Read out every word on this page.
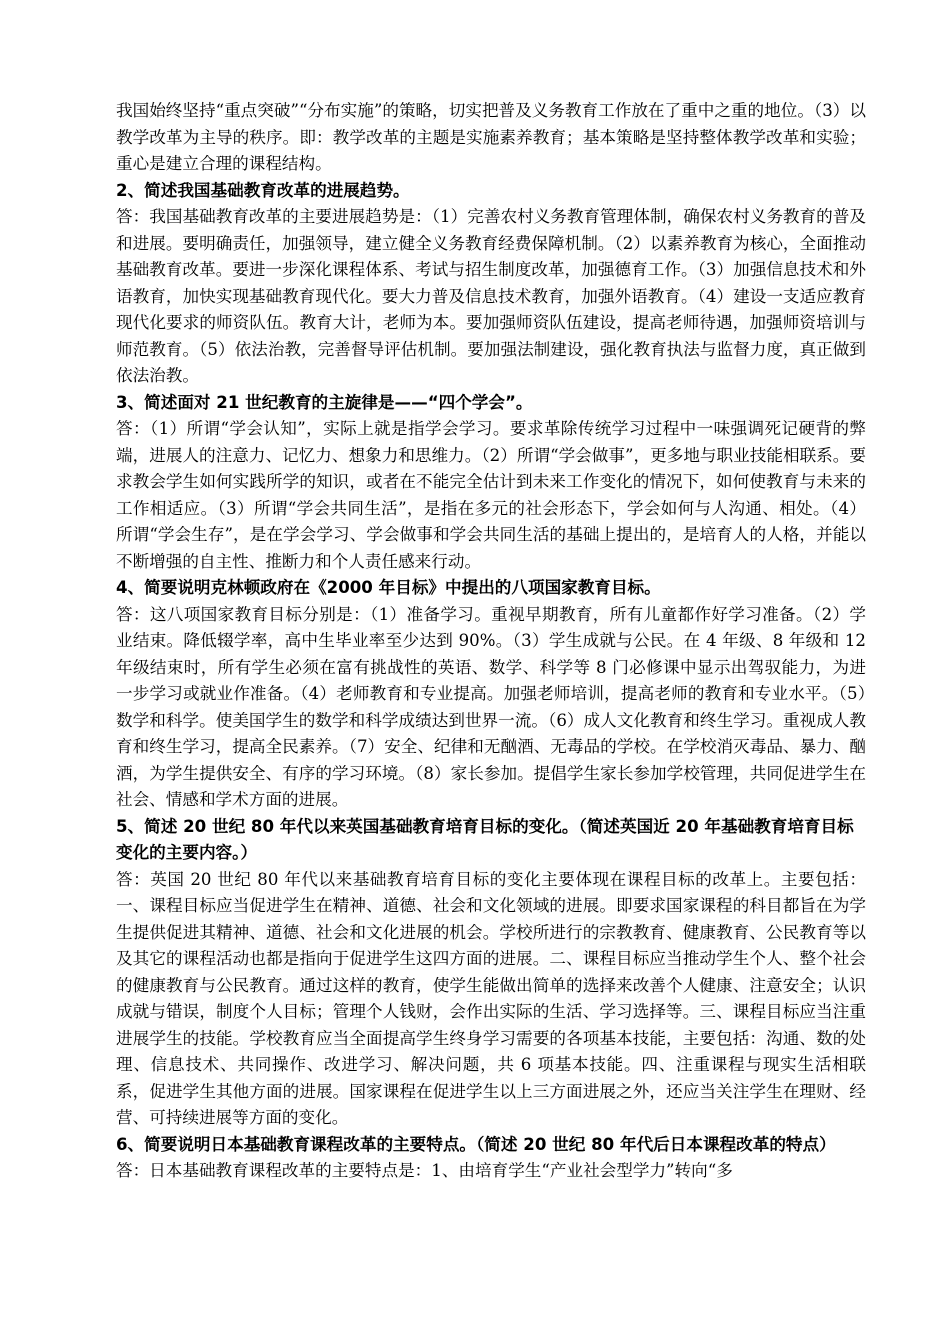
我国始终坚持“重点突破”“分布实施”的策略，切实把普及义务教育工作放在了重中之重的地位。（3）以教学改革为主导的秩序。即：教学改革的主题是实施素养教育；基本策略是坚持整体教学改革和实验；重心是建立合理的课程结构。

2、简述我国基础教育改革的进展趋势。

答：我国基础教育改革的主要进展趋势是：（1）完善农村义务教育管理体制，确保农村义务教育的普及和进展。要明确责任，加强领导，建立健全义务教育经费保障机制。（2）以素养教育为核心，全面推动基础教育改革。要进一步深化课程体系、考试与招生制度改革，加强德育工作。（3）加强信息技术和外语教育，加快实现基础教育现代化。要大力普及信息技术教育，加强外语教育。（4）建设一支适应教育现代化要求的师资队伍。教育大计，老师为本。要加强师资队伍建设，提高老师待遇，加强师资培训与师范教育。（5）依法治教，完善督导评估机制。要加强法制建设，强化教育执法与监督力度，真正做到依法治教。

3、简述面对 21 世纪教育的主旋律是——“四个学会”。

答：（1）所谓“学会认知”，实际上就是指学会学习。要求革除传统学习过程中一味强调死记硬背的弊端，进展人的注意力、记忆力、想象力和思维力。（2）所谓“学会做事”，更多地与职业技能相联系。要求教会学生如何实践所学的知识，或者在不能完全估计到未来工作变化的情况下，如何使教育与未来的工作相适应。（3）所谓“学会共同生活”，是指在多元的社会形态下，学会如何与人沟通、相处。（4）所谓“学会生存”，是在学会学习、学会做事和学会共同生活的基础上提出的，是培育人的人格，并能以不断增强的自主性、推断力和个人责任感来行动。

4、简要说明克林顿政府在《2000 年目标》中提出的八项国家教育目标。

答：这八项国家教育目标分别是：（1）准备学习。重视早期教育，所有儿童都作好学习准备。（2）学业结束。降低辍学率，高中生毕业率至少达到 90%。（3）学生成就与公民。在 4 年级、8 年级和 12 年级结束时，所有学生必须在富有挑战性的英语、数学、科学等 8 门必修课中显示出驾驭能力，为进一步学习或就业作准备。（4）老师教育和专业提高。加强老师培训，提高老师的教育和专业水平。（5）数学和科学。使美国学生的数学和科学成绩达到世界一流。（6）成人文化教育和终生学习。重视成人教育和终生学习，提高全民素养。（7）安全、纪律和无酗酒、无毒品的学校。在学校消灭毒品、暴力、酗酒，为学生提供安全、有序的学习环境。（8）家长参加。提倡学生家长参加学校管理，共同促进学生在社会、情感和学术方面的进展。

5、简述 20 世纪 80 年代以来英国基础教育培育目标的变化。（简述英国近 20 年基础教育培育目标变化的主要内容。）

答：英国 20 世纪 80 年代以来基础教育培育目标的变化主要体现在课程目标的改革上。主要包括：一、课程目标应当促进学生在精神、道德、社会和文化领域的进展。即要求国家课程的科目都旨在为学生提供促进其精神、道德、社会和文化进展的机会。学校所进行的宗教教育、健康教育、公民教育等以及其它的课程活动也都是指向于促进学生这四方面的进展。二、课程目标应当推动学生个人、整个社会的健康教育与公民教育。通过这样的教育，使学生能做出简单的选择来改善个人健康、注意安全；认识成就与错误，制度个人目标；管理个人钱财，会作出实际的生活、学习选择等。三、课程目标应当注重进展学生的技能。学校教育应当全面提高学生终身学习需要的各项基本技能，主要包括：沟通、数的处理、信息技术、共同操作、改进学习、解决问题，共 6 项基本技能。四、注重课程与现实生活相联系，促进学生其他方面的进展。国家课程在促进学生以上三方面进展之外，还应当关注学生在理财、经营、可持续进展等方面的变化。

6、简要说明日本基础教育课程改革的主要特点。（简述 20 世纪 80 年代后日本课程改革的特点）

答：日本基础教育课程改革的主要特点是：1、由培育学生“产业社会型学力”转向“多
